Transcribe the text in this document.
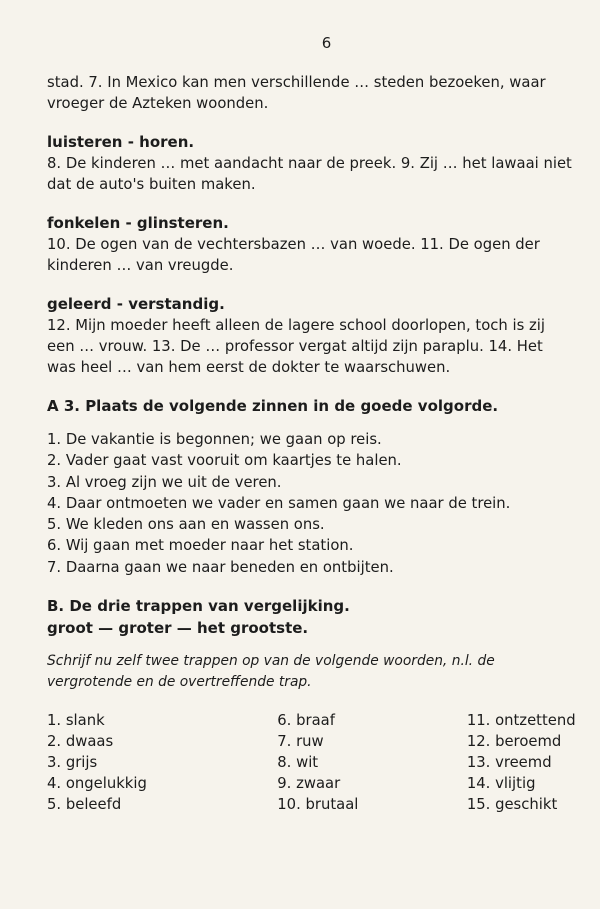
6

stad. 7. In Mexico kan men verschillende … steden bezoeken, waar vroeger de Azteken woonden.

luisteren - horen.

8. De kinderen … met aandacht naar de preek. 9. Zij … het lawaai niet dat de auto's buiten maken.

fonkelen - glinsteren.

10. De ogen van de vechtersbazen … van woede. 11. De ogen der kinderen … van vreugde.

geleerd - verstandig.

12. Mijn moeder heeft alleen de lagere school doorlopen, toch is zij een … vrouw. 13. De … professor vergat altijd zijn paraplu. 14. Het was heel … van hem eerst de dokter te waarschuwen.

A 3. Plaats de volgende zinnen in de goede volgorde.
1. De vakantie is begonnen; we gaan op reis.
2. Vader gaat vast vooruit om kaartjes te halen.
3. Al vroeg zijn we uit de veren.
4. Daar ontmoeten we vader en samen gaan we naar de trein.
5. We kleden ons aan en wassen ons.
6. Wij gaan met moeder naar het station.
7. Daarna gaan we naar beneden en ontbijten.
B. De drie trappen van vergelijking.
groot — groter — het grootste.

Schrijf nu zelf twee trappen op van de volgende woorden, n.l. de vergrotende en de overtreffende trap.

1. slank
2. dwaas
3. grijs
4. ongelukkig
5. beleefd
6. braaf
7. ruw
8. wit
9. zwaar
10. brutaal
11. ontzettend
12. beroemd
13. vreemd
14. vlijtig
15. geschikt
